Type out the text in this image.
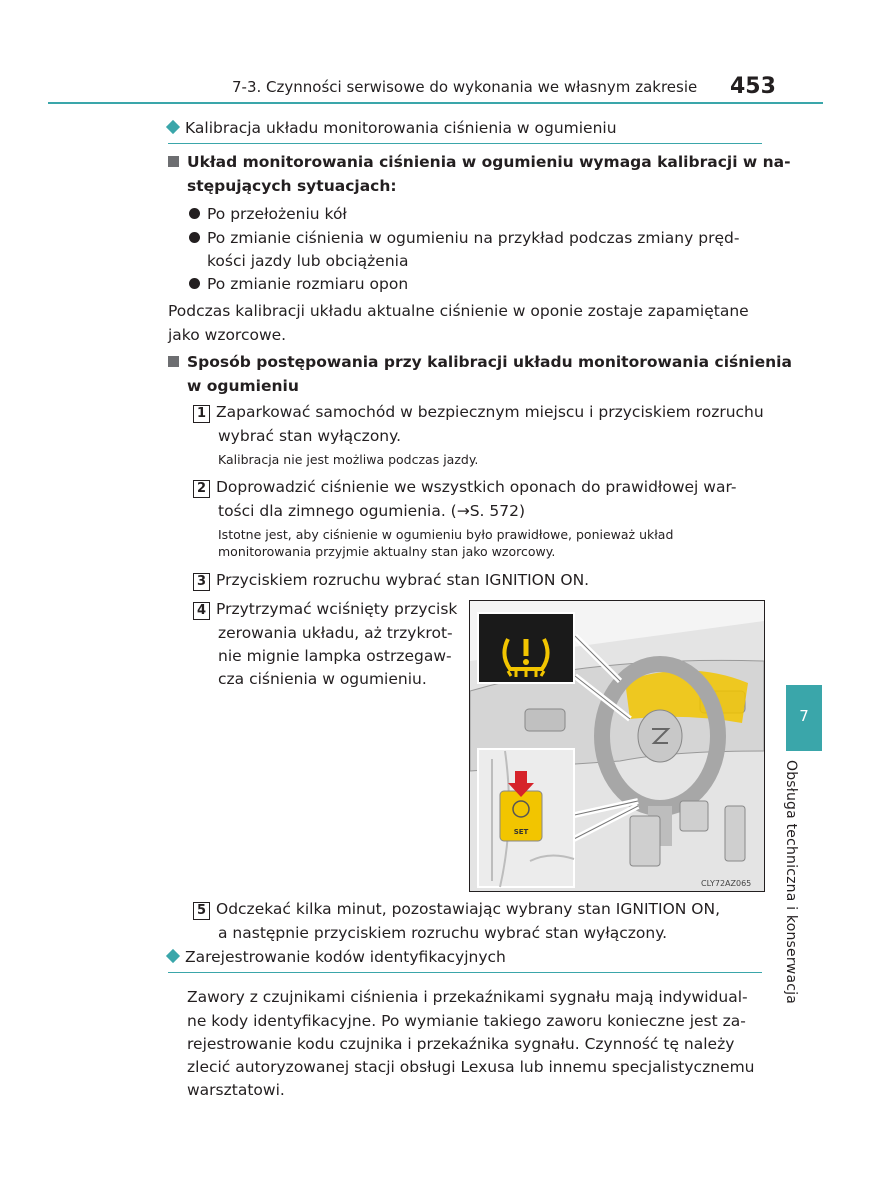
7-3. Czynności serwisowe do wykonania we własnym zakresie 453
Kalibracja układu monitorowania ciśnienia w ogumieniu
Układ monitorowania ciśnienia w ogumieniu wymaga kalibracji w na-
stępujących sytuacjach:
Po przełożeniu kół
Po zmianie ciśnienia w ogumieniu na przykład podczas zmiany pręd-
kości jazdy lub obciążenia
Po zmianie rozmiaru opon
Podczas kalibracji układu aktualne ciśnienie w oponie zostaje zapamiętane
jako wzorcowe.
Sposób postępowania przy kalibracji układu monitorowania ciśnienia
w ogumieniu
1 Zaparkować samochód w bezpiecznym miejscu i przyciskiem rozruchu
wybrać stan wyłączony.
Kalibracja nie jest możliwa podczas jazdy.
2 Doprowadzić ciśnienie we wszystkich oponach do prawidłowej war-
tości dla zimnego ogumienia. (→S. 572)
Istotne jest, aby ciśnienie w ogumieniu było prawidłowe, ponieważ układ
monitorowania przyjmie aktualny stan jako wzorcowy.
3 Przyciskiem rozruchu wybrać stan IGNITION ON.
4 Przytrzymać wciśnięty przycisk
zerowania układu, aż trzykrot-
nie mignie lampka ostrzegaw-
cza ciśnienia w ogumieniu.
SET
CLY72AZ065
5 Odczekać kilka minut, pozostawiając wybrany stan IGNITION ON,
a następnie przyciskiem rozruchu wybrać stan wyłączony.
Zarejestrowanie kodów identyfikacyjnych
Zawory z czujnikami ciśnienia i przekaźnikami sygnału mają indywidual-
ne kody identyfikacyjne. Po wymianie takiego zaworu konieczne jest za-
rejestrowanie kodu czujnika i przekaźnika sygnału. Czynność tę należy
zlecić autoryzowanej stacji obsługi Lexusa lub innemu specjalistycznemu
warsztatowi.
7
Obsługa techniczna i konserwacja
